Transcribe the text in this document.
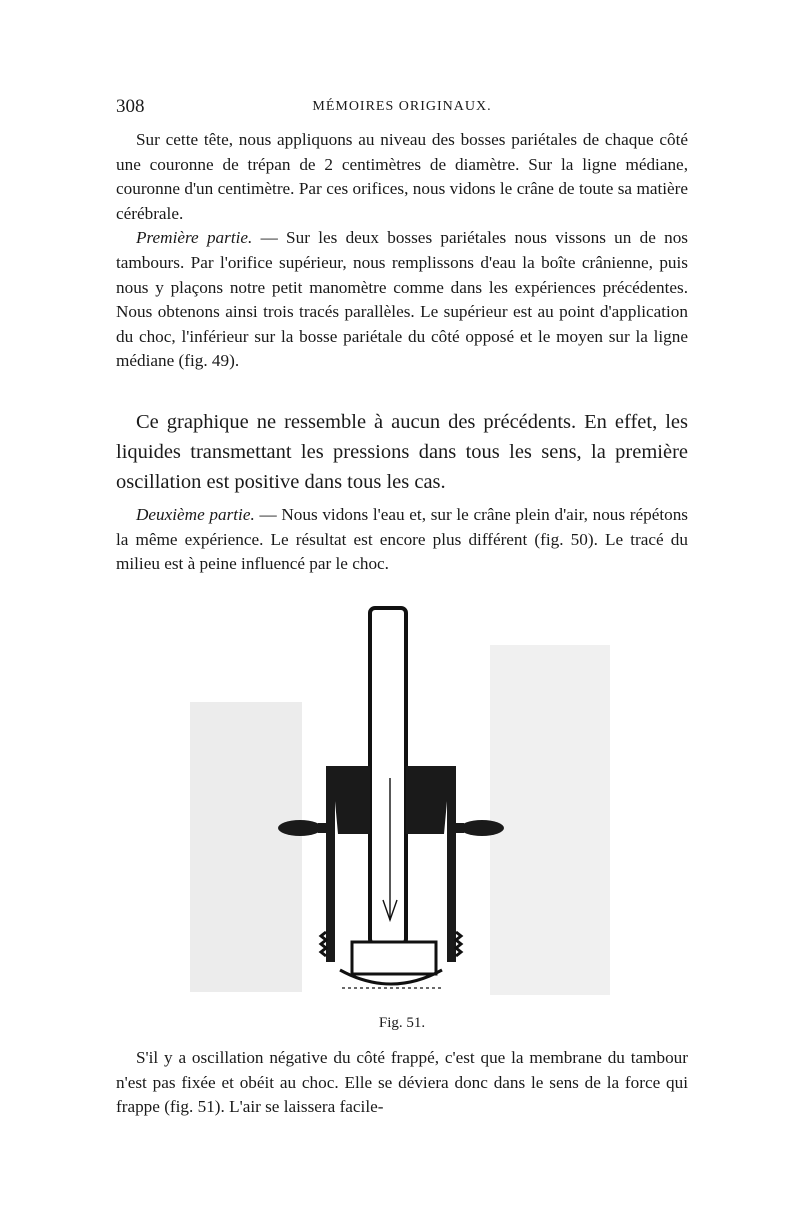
308	MÉMOIRES ORIGINAUX.

Sur cette tête, nous appliquons au niveau des bosses pariétales de chaque côté une couronne de trépan de 2 centimètres de diamètre. Sur la ligne médiane, couronne d'un centimètre. Par ces orifices, nous vidons le crâne de toute sa matière cérébrale.

Première partie. — Sur les deux bosses pariétales nous vissons un de nos tambours. Par l'orifice supérieur, nous remplissons d'eau la boîte crânienne, puis nous y plaçons notre petit manomètre comme dans les expériences précédentes. Nous obtenons ainsi trois tracés parallèles. Le supérieur est au point d'application du choc, l'inférieur sur la bosse pariétale du côté opposé et le moyen sur la ligne médiane (fig. 49).

Ce graphique ne ressemble à aucun des précédents. En effet, les liquides transmettant les pressions dans tous les sens, la première oscillation est positive dans tous les cas.

Deuxième partie. — Nous vidons l'eau et, sur le crâne plein d'air, nous répétons la même expérience. Le résultat est encore plus différent (fig. 50). Le tracé du milieu est à peine influencé par le choc.

Fig. 51.

S'il y a oscillation négative du côté frappé, c'est que la membrane du tambour n'est pas fixée et obéit au choc. Elle se déviera donc dans le sens de la force qui frappe (fig. 51). L'air se laissera facile-
